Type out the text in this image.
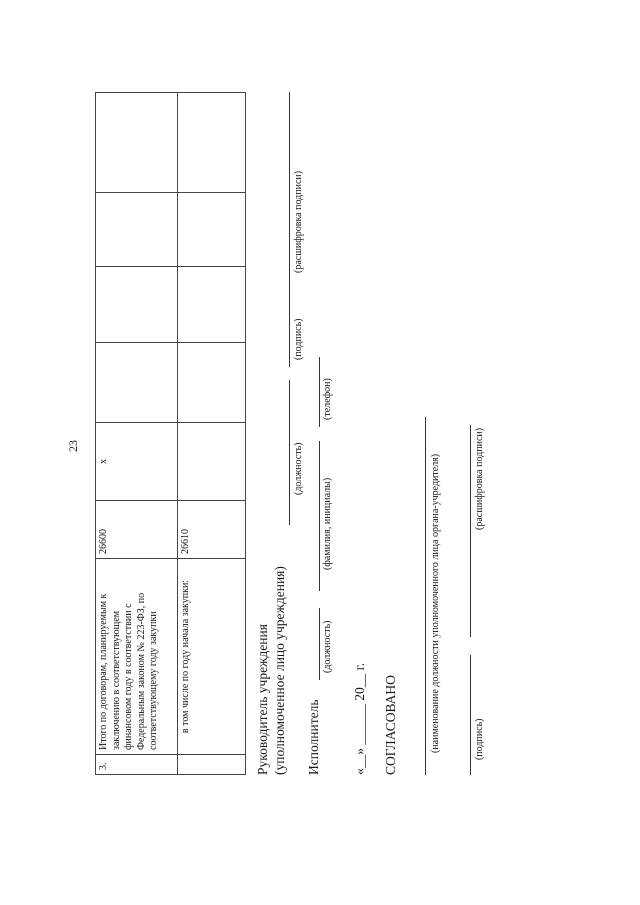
23
3.	Итого по договорам, планируемым к заключению в соответствующем финансовом году в соответствии с Федеральным законом № 223-ФЗ, по соответствующему году закупки	26600	x				
	в том числе по году начала закупки:	26610					
Руководитель учреждения (уполномоченное лицо учреждения)
(должность)
(подпись)
(расшифровка подписи)
Исполнитель
(должность)
(фамилия, инициалы)
(телефон)
«__» ______ 20__ г. СОГЛАСОВАНО	(наименование должности уполномоченного лица органа-учредителя)	(подпись)
(расшифровка подписи)
